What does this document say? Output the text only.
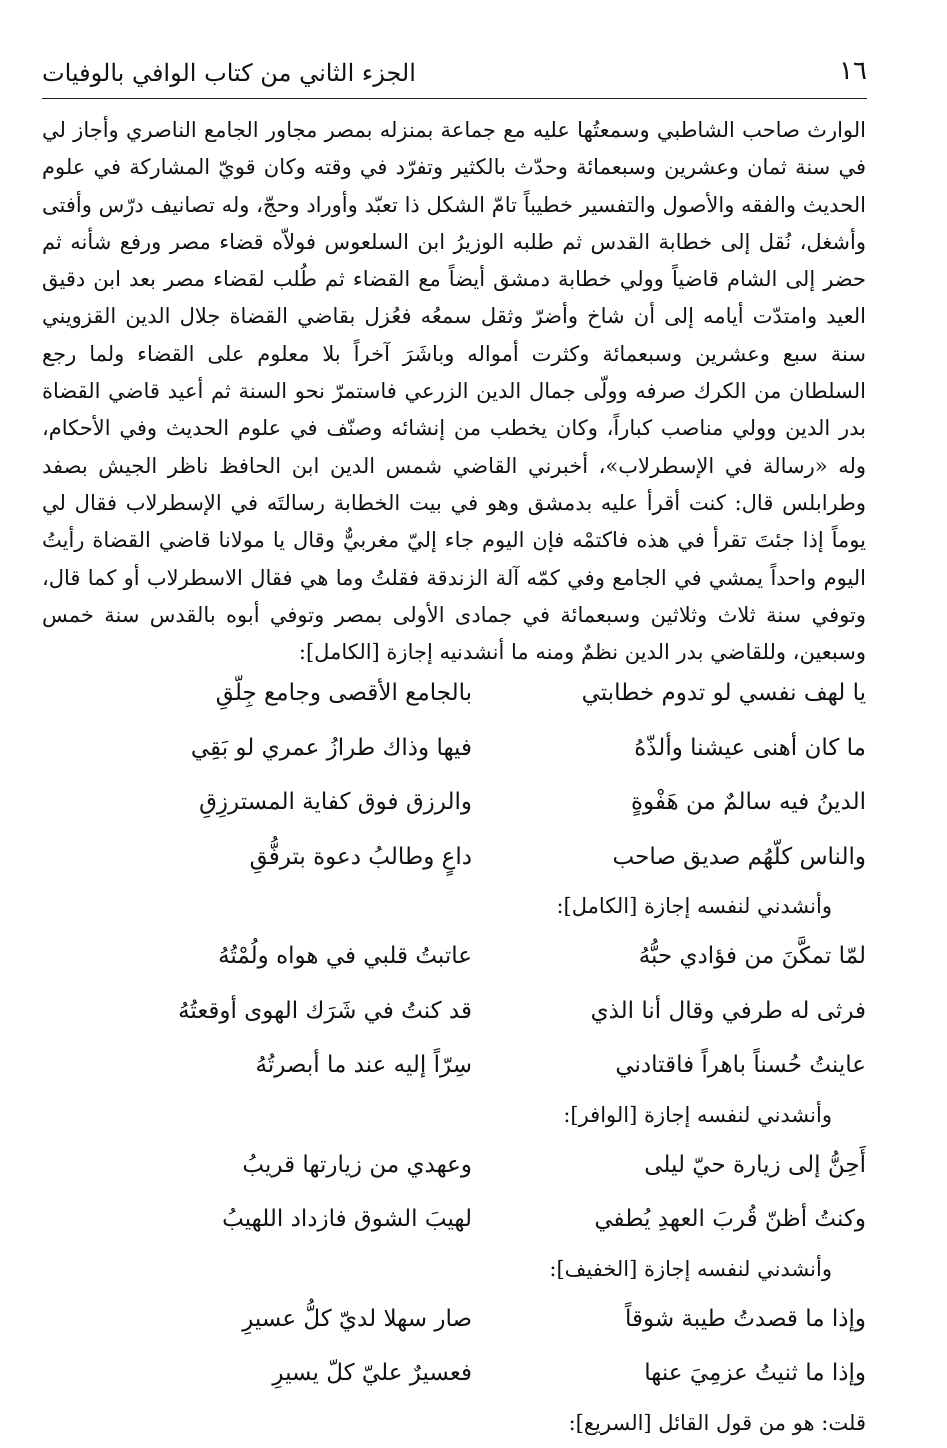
١٦
الجزء الثاني من كتاب الوافي بالوفيات
الوارث صاحب الشاطبي وسمعتُها عليه مع جماعة بمنزله بمصر مجاور الجامع الناصري وأجاز لي في سنة ثمان وعشرين وسبعمائة وحدّث بالكثير وتفرّد في وقته وكان قويّ المشاركة في علوم الحديث والفقه والأصول والتفسير خطيباً تامّ الشكل ذا تعبّد وأوراد وحجّ، وله تصانيف درّس وأفتى وأشغل، نُقل إلى خطابة القدس ثم طلبه الوزيرُ ابن السلعوس فولاّه قضاء مصر ورفع شأنه ثم حضر إلى الشام قاضياً وولي خطابة دمشق أيضاً مع القضاء ثم طُلب لقضاء مصر بعد ابن دقيق العيد وامتدّت أيامه إلى أن شاخ وأضرّ وثقل سمعُه فعُزل بقاضي القضاة جلال الدين القزويني سنة سبع وعشرين وسبعمائة وكثرت أمواله وباشَرَ آخراً بلا معلوم على القضاء ولما رجع السلطان من الكرك صرفه وولّى جمال الدين الزرعي فاستمرّ نحو السنة ثم أعيد قاضي القضاة بدر الدين وولي مناصب كباراً، وكان يخطب من إنشائه وصنّف في علوم الحديث وفي الأحكام، وله «رسالة في الإسطرلاب»، أخبرني القاضي شمس الدين ابن الحافظ ناظر الجيش بصفد وطرابلس قال: كنت أقرأ عليه بدمشق وهو في بيت الخطابة رسالتَه في الإسطرلاب فقال لي يوماً إذا جئتَ تقرأ في هذه فاكتمْه فإن اليوم جاء إليّ مغربيٌّ وقال يا مولانا قاضي القضاة رأيتُ اليوم واحداً يمشي في الجامع وفي كمّه آلة الزندقة فقلتُ وما هي فقال الاسطرلاب أو كما قال، وتوفي سنة ثلاث وثلاثين وسبعمائة في جمادى الأولى بمصر وتوفي أبوه بالقدس سنة خمس وسبعين، وللقاضي بدر الدين نظمٌ ومنه ما أنشدنيه إجازة [الكامل]:
يا لهف نفسي لو تدوم خطابتي
بالجامع الأقصى وجامع جِلّقِ
ما كان أهنى عيشنا وألذّهُ
فيها وذاك طرازُ عمري لو بَقِي
الدينُ فيه سالمٌ من هَفْوةٍ
والرزق فوق كفاية المسترزِقِ
والناس كلّهُم صديق صاحب
داعٍ وطالبُ دعوة بترفُّقِ
وأنشدني لنفسه إجازة [الكامل]:
لمّا تمكَّنَ من فؤادي حبُّهُ
عاتبتُ قلبي في هواه ولُمْتُهُ
فرثى له طرفي وقال أنا الذي
قد كنتُ في شَرَك الهوى أوقعتُهُ
عاينتُ حُسناً باهراً فاقتادني
سِرّاً إليه عند ما أبصرتُهُ
وأنشدني لنفسه إجازة [الوافر]:
أَحِنُّ إلى زيارة حيّ ليلى
وعهدي من زيارتها قريبُ
وكنتُ أظنّ قُربَ العهدِ يُطفي
لهيبَ الشوق فازداد اللهيبُ
وأنشدني لنفسه إجازة [الخفيف]:
وإذا ما قصدتُ طيبة شوقاً
صار سهلا لديّ كلُّ عسيرِ
وإذا ما ثنيتُ عزمِيَ عنها
فعسيرٌ عليّ كلّ يسيرِ
قلت: هو من قول القائل [السريع]:
